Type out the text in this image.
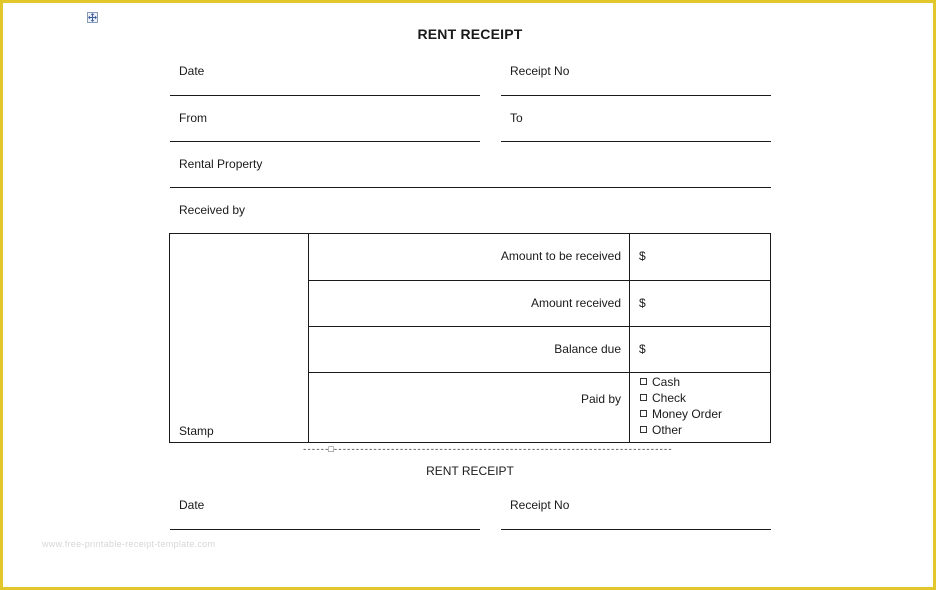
RENT RECEIPT
Date	Receipt No
From	To
Rental Property
Received by
Stamp
Amount to be received $
Amount received $
Balance due $
Paid by
Cash
Check
Money Order
Other
------□-----------------------------------------------------------------------------
RENT RECEIPT
Date	Receipt No
www.free-printable-receipt-template.com
